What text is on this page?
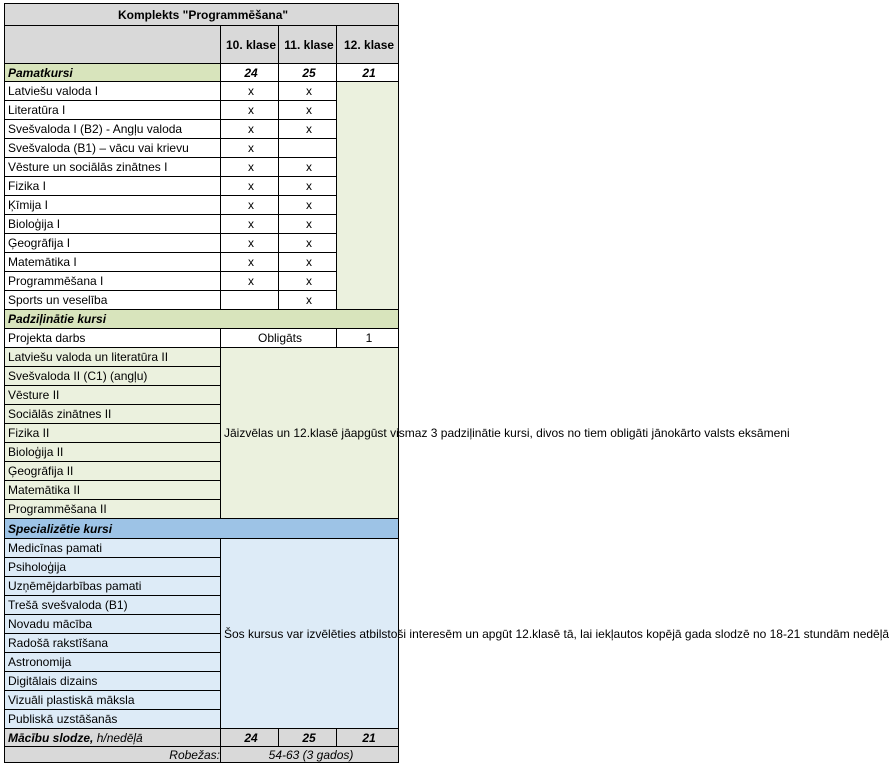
Komplekts "Programmēšana"			
	10. klase	11. klase	12. klase
Pamatkursi	24	25	21
Latviešu valoda I	x	x	
Literatūra I	x	x	
Svešvaloda I (B2) - Angļu valoda	x	x	
Svešvaloda (B1) – vācu vai krievu	x		
Vēsture un sociālās zinātnes I	x	x	
Fizika I	x	x	
Ķīmija I	x	x	
Bioloģija I	x	x	
Ģeogrāfija I	x	x	
Matemātika I	x	x	
Programmēšana I	x	x	
Sports un veselība		x	
Padziļinātie kursi			
Projekta darbs	Obligāts		1
Latviešu valoda un literatūra II	Jāizvēlas un 12.klasē jāapgūst vismaz 3 padziļinātie kursi, divos no tiem obligāti jānokārto valsts eksāmeni		
Svešvaloda II (C1) (angļu)			
Vēsture II			
Sociālās zinātnes II			
Fizika II			
Bioloģija II			
Ģeogrāfija II			
Matemātika II			
Programmēšana II			
Specializētie kursi			
Medicīnas pamati	Šos kursus var izvēlēties atbilstoši interesēm un apgūt 12.klasē tā, lai iekļautos kopējā gada slodzē no 18-21 stundām nedēļā		
Psiholoģija			
Uzņēmējdarbības pamati			
Trešā svešvaloda (B1)			
Novadu mācība			
Radošā rakstīšana			
Astronomija			
Digitālais dizains			
Vizuāli plastiskā māksla			
Publiskā uzstāšanās			
Mācību slodze, h/nedēļā	24	25	21
Robežas:	54-63 (3 gados)		
